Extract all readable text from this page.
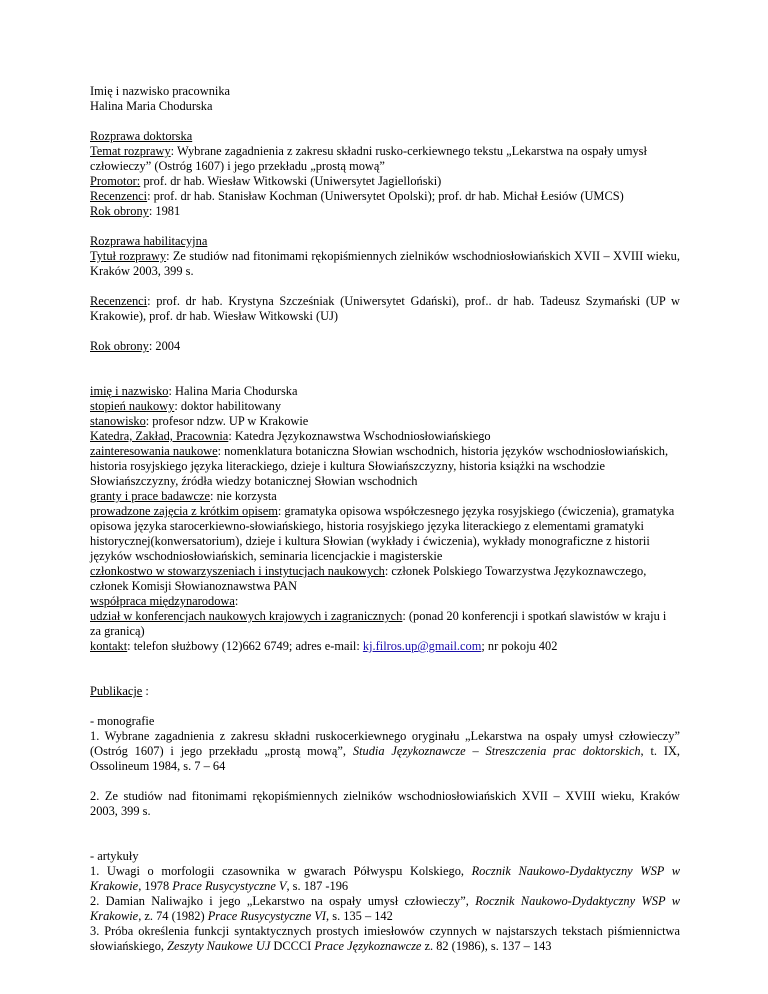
Imię i nazwisko pracownika
Halina Maria Chodurska
Rozprawa doktorska
Temat rozprawy: Wybrane zagadnienia z zakresu składni rusko-cerkiewnego tekstu „Lekarstwa na ospały umysł człowieczy” (Ostróg 1607) i jego przekładu „prostą mową”
Promotor: prof. dr hab. Wiesław Witkowski (Uniwersytet Jagielloński)
Recenzenci: prof. dr hab. Stanisław Kochman (Uniwersytet Opolski); prof. dr hab. Michał Łesiów (UMCS)
Rok obrony: 1981
Rozprawa habilitacyjna
Tytuł rozprawy: Ze studiów nad fitonimami rękopiśmiennych zielników wschodniosłowiańskich XVII – XVIII wieku, Kraków 2003, 399 s.
Recenzenci: prof. dr hab. Krystyna Szcześniak (Uniwersytet Gdański), prof.. dr hab. Tadeusz Szymański (UP w Krakowie), prof. dr hab. Wiesław Witkowski (UJ)
Rok obrony: 2004
imię i nazwisko: Halina Maria Chodurska
stopień naukowy: doktor habilitowany
stanowisko: profesor ndzw. UP w Krakowie
Katedra, Zakład, Pracownia: Katedra Językoznawstwa Wschodniosłowiańskiego
zainteresowania naukowe: nomenklatura botaniczna Słowian wschodnich, historia języków wschodniosłowiańskich, historia rosyjskiego języka literackiego, dzieje i kultura Słowiańszczyzny, historia książki na wschodzie Słowiańszczyzny, źródła wiedzy botanicznej Słowian wschodnich
granty i prace badawcze: nie korzysta
prowadzone zajęcia z krótkim opisem: gramatyka opisowa współczesnego języka rosyjskiego (ćwiczenia), gramatyka opisowa języka starocerkiewno-słowiańskiego, historia rosyjskiego języka literackiego z elementami gramatyki historycznej(konwersatorium), dzieje i kultura Słowian (wykłady i ćwiczenia), wykłady monograficzne z historii języków wschodniosłowiańskich, seminaria licencjackie i magisterskie
członkostwo w stowarzyszeniach i instytucjach naukowych: członek Polskiego Towarzystwa Językoznawczego, członek Komisji Słowianoznawstwa PAN
współpraca międzynarodowa:
udział w konferencjach naukowych krajowych i zagranicznych: (ponad 20 konferencji i spotkań slawistów w kraju i za granicą)
kontakt: telefon służbowy (12)662 6749; adres e-mail: kj.filros.up@gmail.com; nr pokoju 402
Publikacje :
- monografie
1. Wybrane zagadnienia z zakresu składni ruskocerkiewnego oryginału „Lekarstwa na ospały umysł człowieczy” (Ostróg 1607) i jego przekładu „prostą mową”, Studia Językoznawcze – Streszczenia prac doktorskich, t. IX, Ossolineum 1984, s. 7 – 64
2. Ze studiów nad fitonimami rękopiśmiennych zielników wschodniosłowiańskich XVII – XVIII wieku, Kraków 2003, 399 s.
- artykuły
1. Uwagi o morfologii czasownika w gwarach Półwyspu Kolskiego, Rocznik Naukowo-Dydaktyczny WSP w Krakowie, 1978 Prace Rusycystyczne V, s. 187 -196
2. Damian Naliwajko i jego „Lekarstwo na ospały umysł człowieczy”, Rocznik Naukowo-Dydaktyczny WSP w Krakowie, z. 74 (1982) Prace Rusycystyczne VI, s. 135 – 142
3. Próba określenia funkcji syntaktycznych prostych imiesłowów czynnych w najstarszych tekstach piśmiennictwa słowiańskiego, Zeszyty Naukowe UJ DCCCI Prace Językoznawcze z. 82 (1986), s. 137 – 143
